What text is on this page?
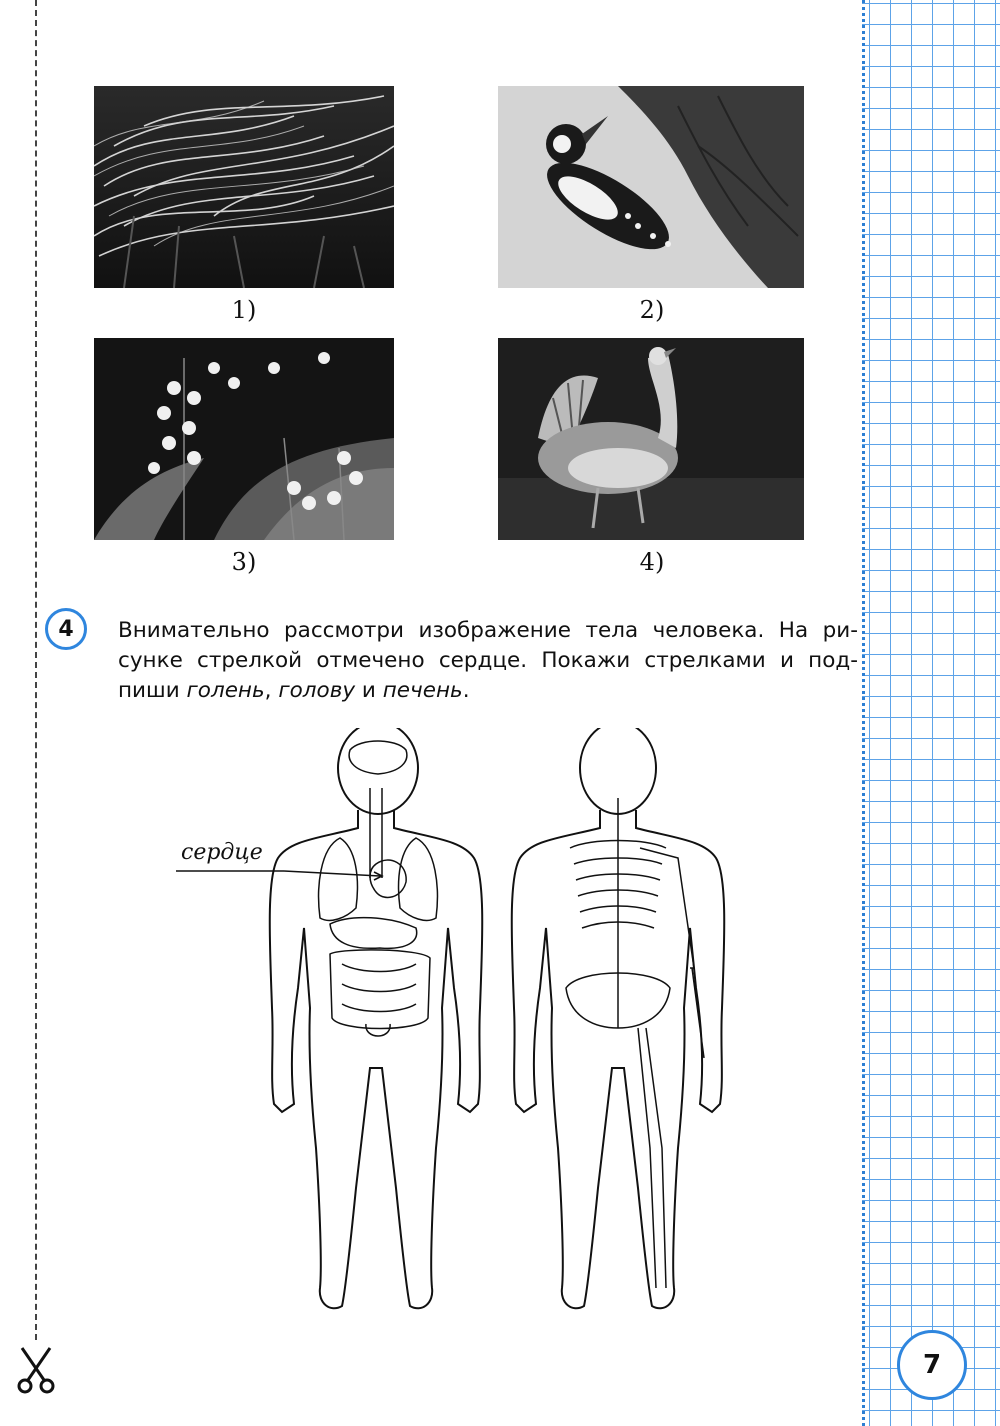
1)	2)
3)	4)
4 Внимательно рассмотри изображение тела человека. На ри-
сунке стрелкой отмечено сердце. Покажи стрелками и под-
пиши голень, голову и печень.
сердце
7
